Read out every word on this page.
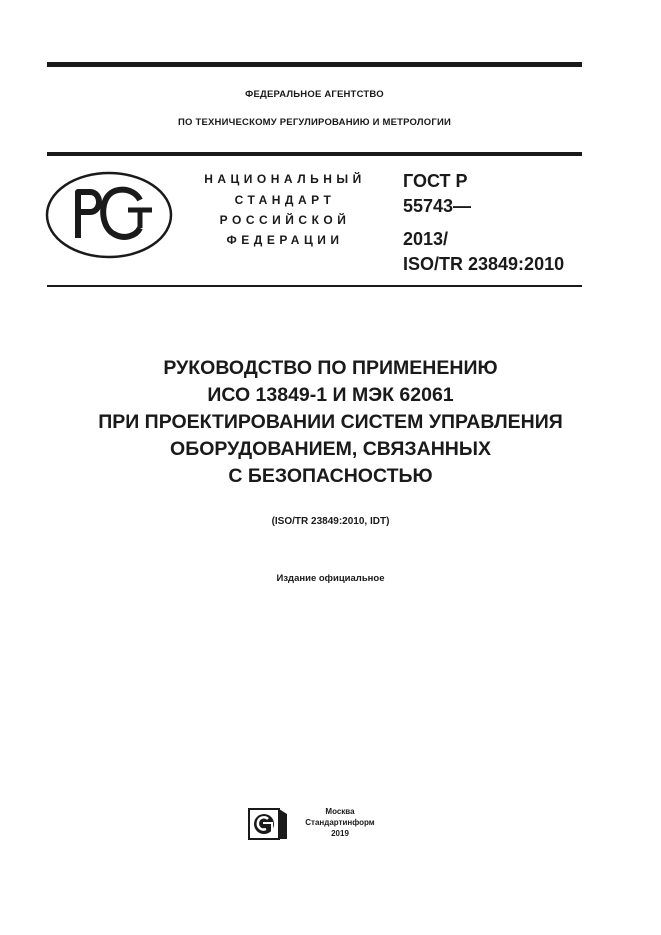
ФЕДЕРАЛЬНОЕ АГЕНТСТВО
ПО ТЕХНИЧЕСКОМУ РЕГУЛИРОВАНИЮ И МЕТРОЛОГИИ
НАЦИОНАЛЬНЫЙ
СТАНДАРТ
РОССИЙСКОЙ
ФЕДЕРАЦИИ
ГОСТ Р
55743—
2013/
ISO/TR 23849:2010
РУКОВОДСТВО ПО ПРИМЕНЕНИЮ
ИСО 13849-1 И МЭК 62061
ПРИ ПРОЕКТИРОВАНИИ СИСТЕМ УПРАВЛЕНИЯ
ОБОРУДОВАНИЕМ, СВЯЗАННЫХ
С БЕЗОПАСНОСТЬЮ
(ISO/TR 23849:2010, IDT)
Издание официальное
Москва
Стандартинформ
2019
